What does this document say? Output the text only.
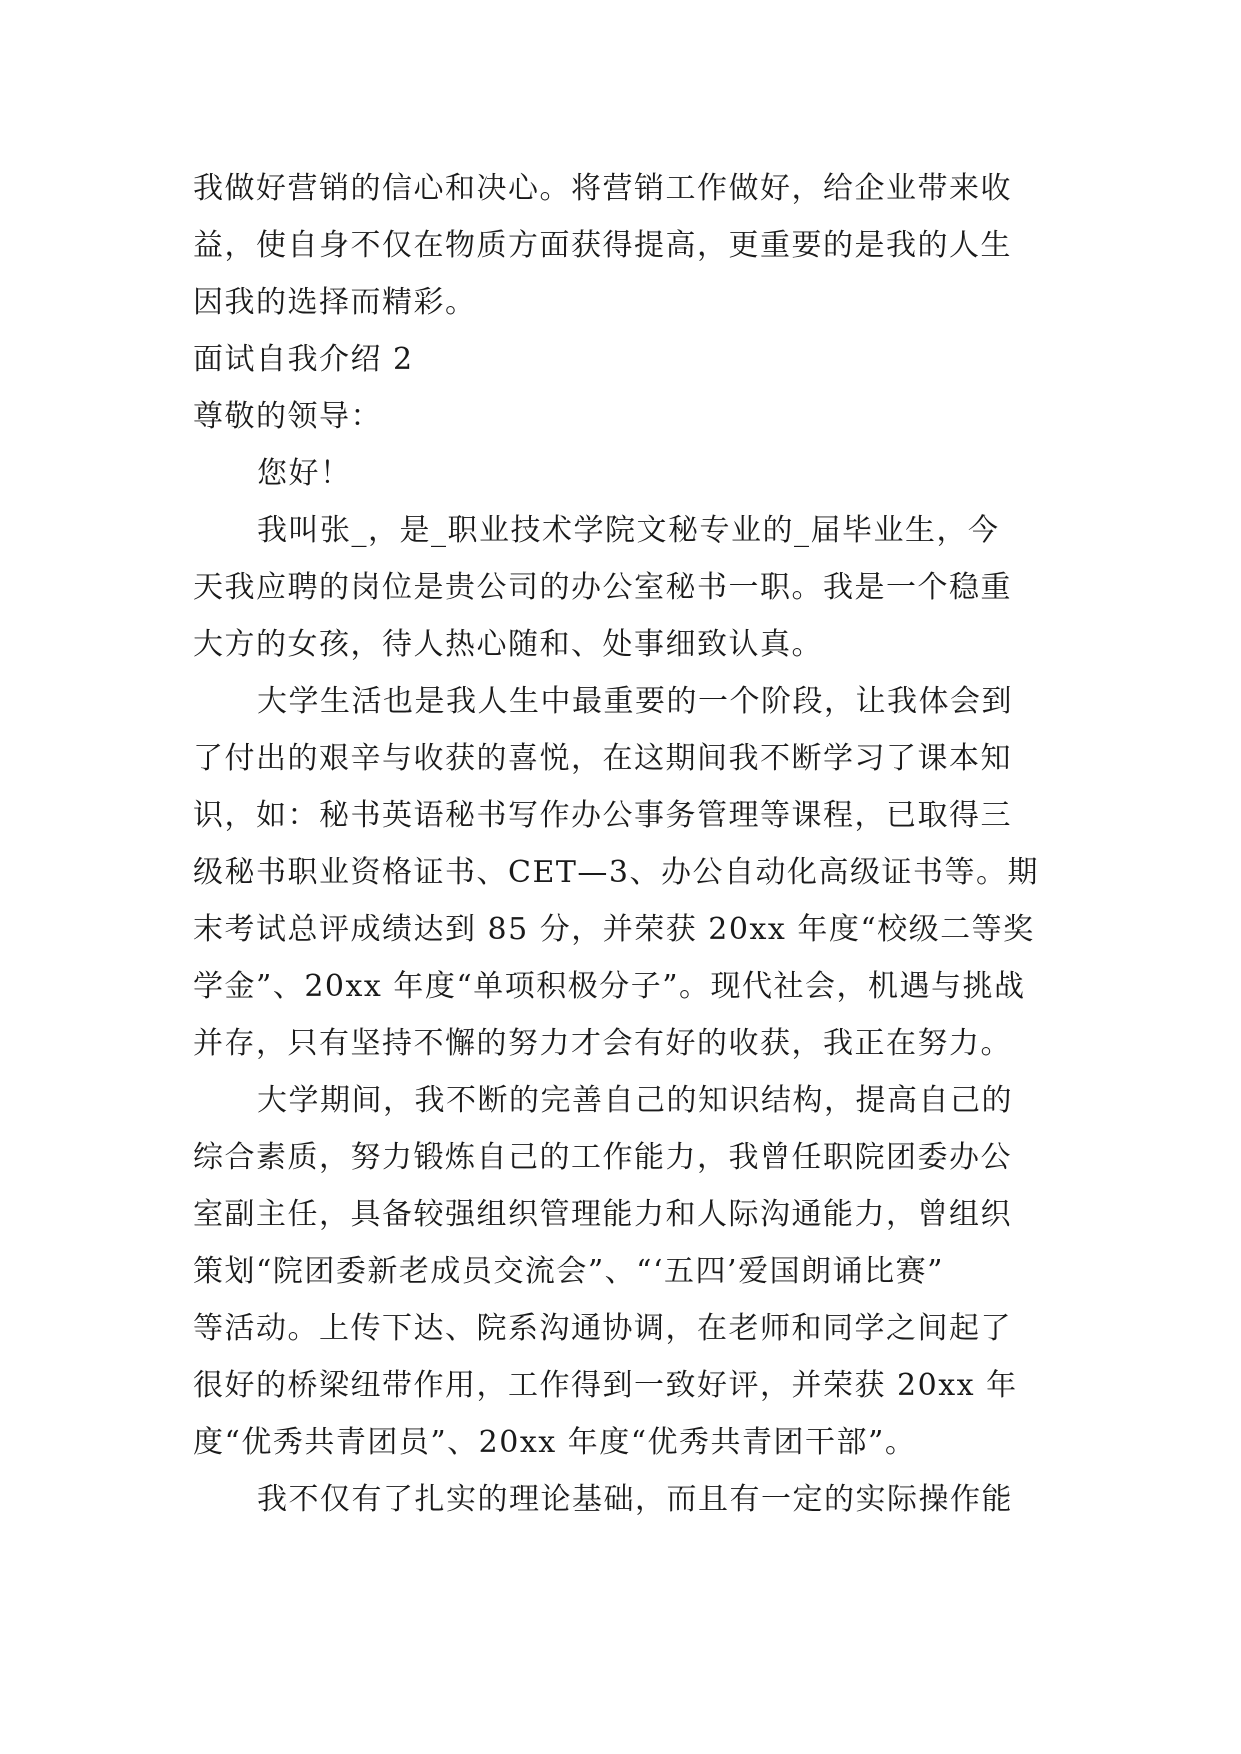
我做好营销的信心和决心。将营销工作做好，给企业带来收
益，使自身不仅在物质方面获得提高，更重要的是我的人生
因我的选择而精彩。
面试自我介绍 2
尊敬的领导：
您好！
我叫张_，是_职业技术学院文秘专业的_届毕业生，今
天我应聘的岗位是贵公司的办公室秘书一职。我是一个稳重
大方的女孩，待人热心随和、处事细致认真。
大学生活也是我人生中最重要的一个阶段，让我体会到
了付出的艰辛与收获的喜悦，在这期间我不断学习了课本知
识，如：秘书英语秘书写作办公事务管理等课程，已取得三
级秘书职业资格证书、CET—3、办公自动化高级证书等。期
末考试总评成绩达到 85 分，并荣获 20xx 年度“校级二等奖
学金”、20xx 年度“单项积极分子”。现代社会，机遇与挑战
并存，只有坚持不懈的努力才会有好的收获，我正在努力。
大学期间，我不断的完善自己的知识结构，提高自己的
综合素质，努力锻炼自己的工作能力，我曾任职院团委办公
室副主任，具备较强组织管理能力和人际沟通能力，曾组织
策划“院团委新老成员交流会”、“‘五四’爱国朗诵比赛”
等活动。上传下达、院系沟通协调，在老师和同学之间起了
很好的桥梁纽带作用，工作得到一致好评，并荣获 20xx 年
度“优秀共青团员”、20xx 年度“优秀共青团干部”。
我不仅有了扎实的理论基础，而且有一定的实际操作能
